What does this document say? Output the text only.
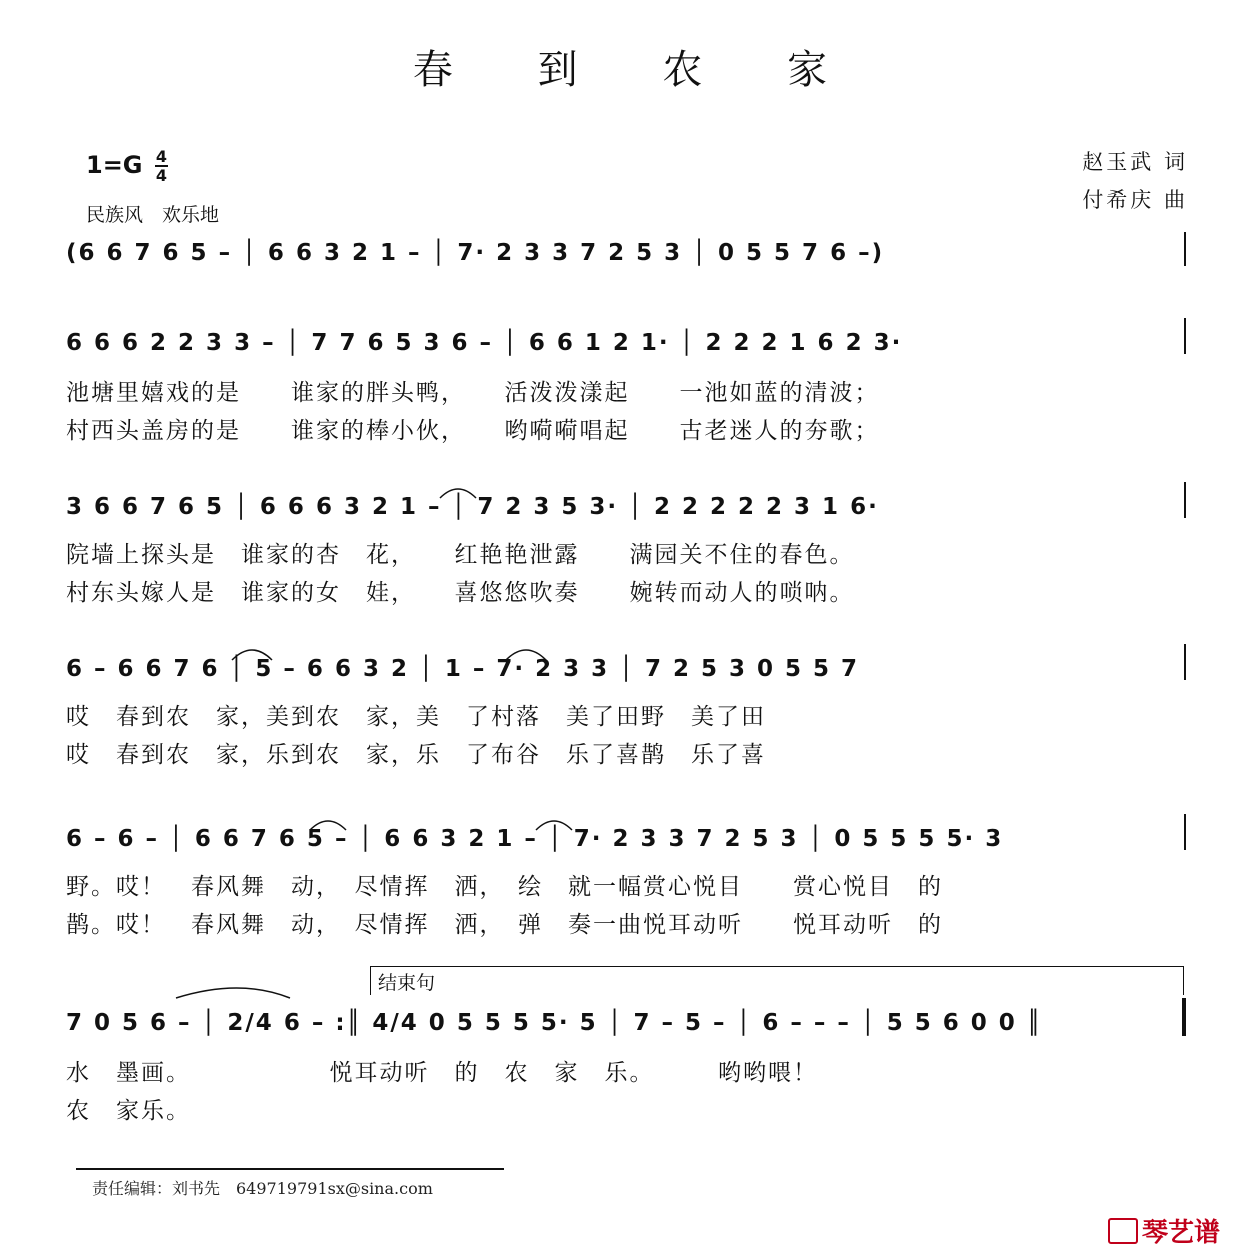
春 到 农 家
$1=G \frac{4}{4}$
民族风　欢乐地
赵玉武 词
付希庆 曲
(6 6 7 6 5 – │ 6 6 3 2 1 – │ 7· 2 3 3 7 2 5 3 │ 0 5 5 7 6 –)
6 6 6 2 2 3 3 – │ 7 7 6 5 3 6 – │ 6 6 1 2 1· │ 2 2 2 1 6 2 3·
池塘里嬉戏的是　　谁家的胖头鸭，　　活泼泼漾起　　一池如蓝的清波；
村西头盖房的是　　谁家的棒小伙，　　哟嗬嗬唱起　　古老迷人的夯歌；
3 6 6 7 6 5 │ 6 6 6 3 2 1 – │ 7 2 3 5 3· │ 2 2 2 2 2 3 1 6·
院墙上探头是　谁家的杏　花，　　红艳艳泄露　　满园关不住的春色。
村东头嫁人是　谁家的女　娃，　　喜悠悠吹奏　　婉转而动人的唢呐。
6 – 6 6 7 6 │ 5 – 6 6 3 2 │ 1 – 7· 2 3 3 │ 7 2 5 3 0 5 5 7
哎　春到农　家，美到农　家，美　了村落　美了田野　美了田
哎　春到农　家，乐到农　家，乐　了布谷　乐了喜鹊　乐了喜
6 – 6 – │ 6 6 7 6 5 – │ 6 6 3 2 1 – │ 7· 2 3 3 7 2 5 3 │ 0 5 5 5 5· 3
野。哎！　春风舞　动，　尽情挥　洒，　绘　就一幅赏心悦目　　赏心悦目　的
鹊。哎！　春风舞　动，　尽情挥　洒，　弹　奏一曲悦耳动听　　悦耳动听　的
结束句
7 0 5 6 – │ 2/4 6 – :║ 4/4 0 5 5 5 5· 5 │ 7 – 5 – │ 6 – – – │ 5 5 6 0 0 ║
水　墨画。　　　　　　悦耳动听　的　农　家　乐。　　　哟哟喂！
农　家乐。
责任编辑：刘书先　649719791sx@sina.com
琴艺谱
